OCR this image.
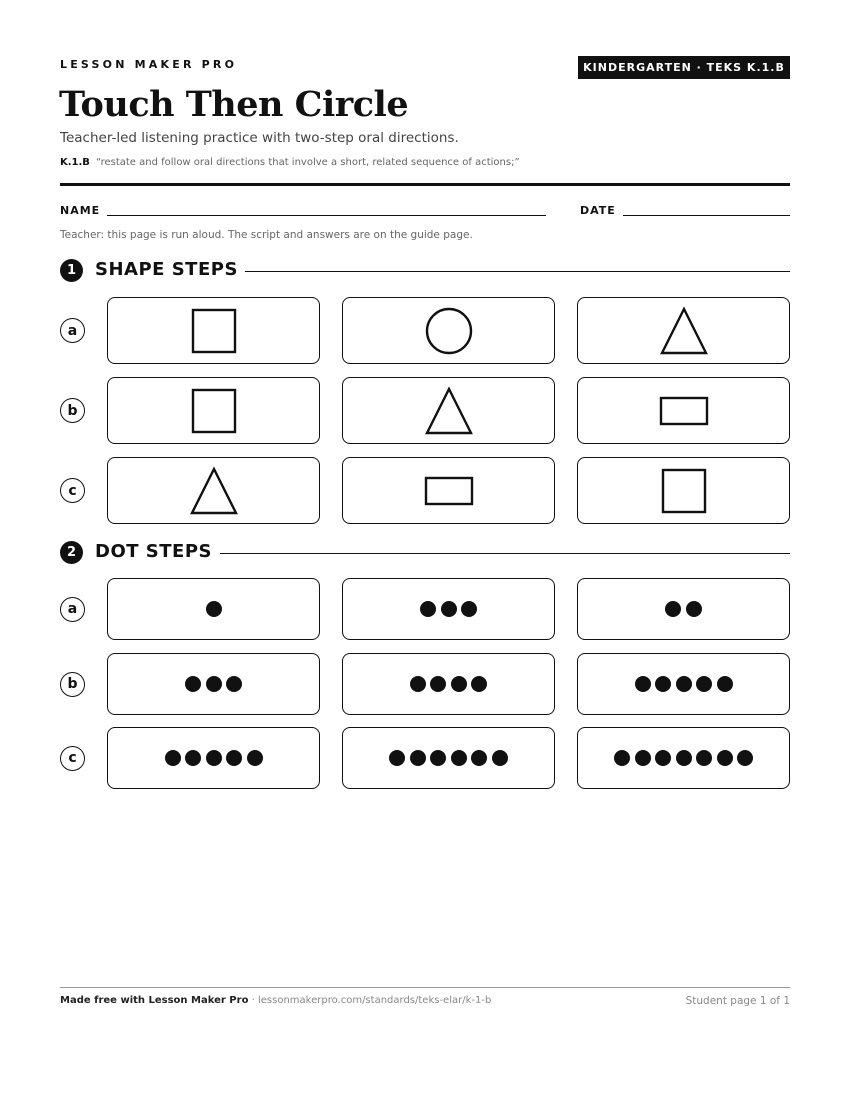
LESSON MAKER PRO	KINDERGARTEN · TEKS K.1.B
Touch Then Circle
Teacher-led listening practice with two-step oral directions.
K.1.B “restate and follow oral directions that involve a short, related sequence of actions;”
NAME	DATE
Teacher: this page is run aloud. The script and answers are on the guide page.
1	SHAPE STEPS
a
b
c
2	DOT STEPS
a
b
c
Made free with Lesson Maker Pro · lessonmakerpro.com/standards/teks-elar/k-1-b	Student page 1 of 1
